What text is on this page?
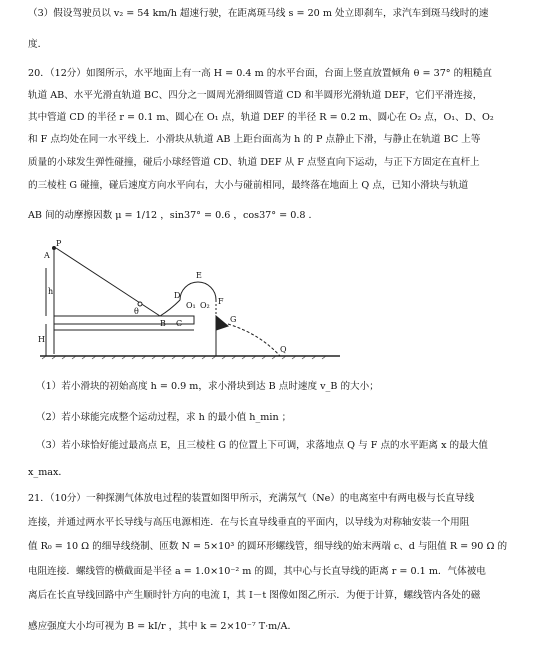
（3）假设驾驶员以 v₂ = 54 km/h 超速行驶，在距离斑马线 s = 20 m 处立即刹车，求汽车到斑马线时的速
度．
20．（12分）如图所示，水平地面上有一高 H = 0.4 m 的水平台面，台面上竖直放置倾角 θ = 37° 的粗糙直
轨道 AB、水平光滑直轨道 BC、四分之一圆周光滑细圆管道 CD 和半圆形光滑轨道 DEF，它们平滑连接，
其中管道 CD 的半径 r = 0.1 m、圆心在 O₁ 点，轨道 DEF 的半径 R = 0.2 m、圆心在 O₂ 点，O₁、D、O₂
和 F 点均处在同一水平线上．小滑块从轨道 AB 上距台面高为 h 的 P 点静止下滑，与静止在轨道 BC 上等
质量的小球发生弹性碰撞，碰后小球经管道 CD、轨道 DEF 从 F 点竖直向下运动，与正下方固定在直杆上
的三棱柱 G 碰撞，碰后速度方向水平向右，大小与碰前相同，最终落在地面上 Q 点，已知小滑块与轨道
AB 间的动摩擦因数 μ = 1/12 ，sin37° = 0.6 ，cos37° = 0.8 ．
P
h
H
θ
B C
D
E
F
G
Q
O₁ O₂
A
（1）若小滑块的初始高度 h = 0.9 m，求小滑块到达 B 点时速度 v_B 的大小；
（2）若小球能完成整个运动过程，求 h 的最小值 h_min ；
（3）若小球恰好能过最高点 E，且三棱柱 G 的位置上下可调，求落地点 Q 与 F 点的水平距离 x 的最大值
x_max．
21．（10分）一种探测气体放电过程的装置如图甲所示，充满氖气（Ne）的电离室中有两电极与长直导线
连接，并通过两水平长导线与高压电源相连．在与长直导线垂直的平面内，以导线为对称轴安装一个用阻
值 R₀ = 10 Ω 的细导线绕制、匝数 N = 5×10³ 的圆环形螺线管，细导线的始末两端 c、d 与阻值 R = 90 Ω 的
电阻连接．螺线管的横截面是半径 a = 1.0×10⁻² m 的圆，其中心与长直导线的距离 r = 0.1 m．气体被电
离后在长直导线回路中产生顺时针方向的电流 I，其 I－t 图像如图乙所示．为便于计算，螺线管内各处的磁
感应强度大小均可视为 B = kI/r ，其中 k = 2×10⁻⁷ T·m/A．
